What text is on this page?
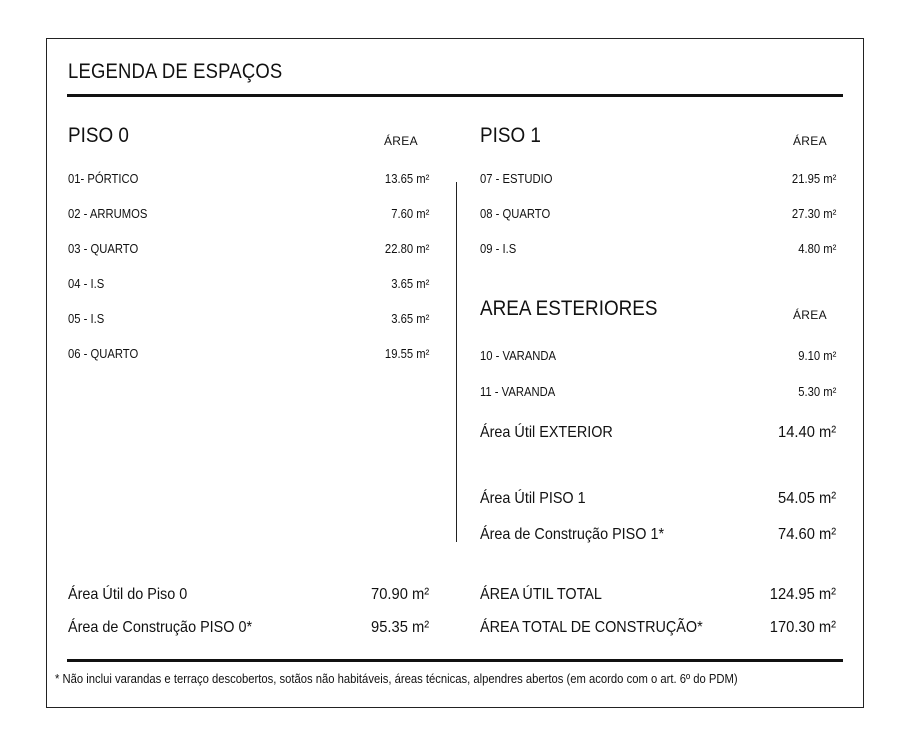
LEGENDA DE ESPAÇOS
PISO 0	ÁREA
01- PÓRTICO	13.65 m²
02 - ARRUMOS	7.60 m²
03 - QUARTO	22.80 m²
04 - I.S	3.65 m²
05 - I.S	3.65 m²
06 - QUARTO	19.55 m²
PISO 1	ÁREA
07 - ESTUDIO	21.95 m²
08 - QUARTO	27.30 m²
09 - I.S	4.80 m²
AREA ESTERIORES	ÁREA
10 - VARANDA	9.10 m²
11 - VARANDA	5.30 m²
Área Útil EXTERIOR	14.40 m²
Área Útil PISO 1	54.05 m²
Área de Construção PISO 1*	74.60 m²
Área Útil do Piso 0	70.90 m²
Área de Construção PISO 0*	95.35 m²
ÁREA ÚTIL TOTAL	124.95 m²
ÁREA TOTAL DE CONSTRUÇÃO*	170.30 m²
* Não inclui varandas e terraço descobertos, sotãos não habitáveis, áreas técnicas, alpendres abertos (em acordo com o art. 6º do PDM)
